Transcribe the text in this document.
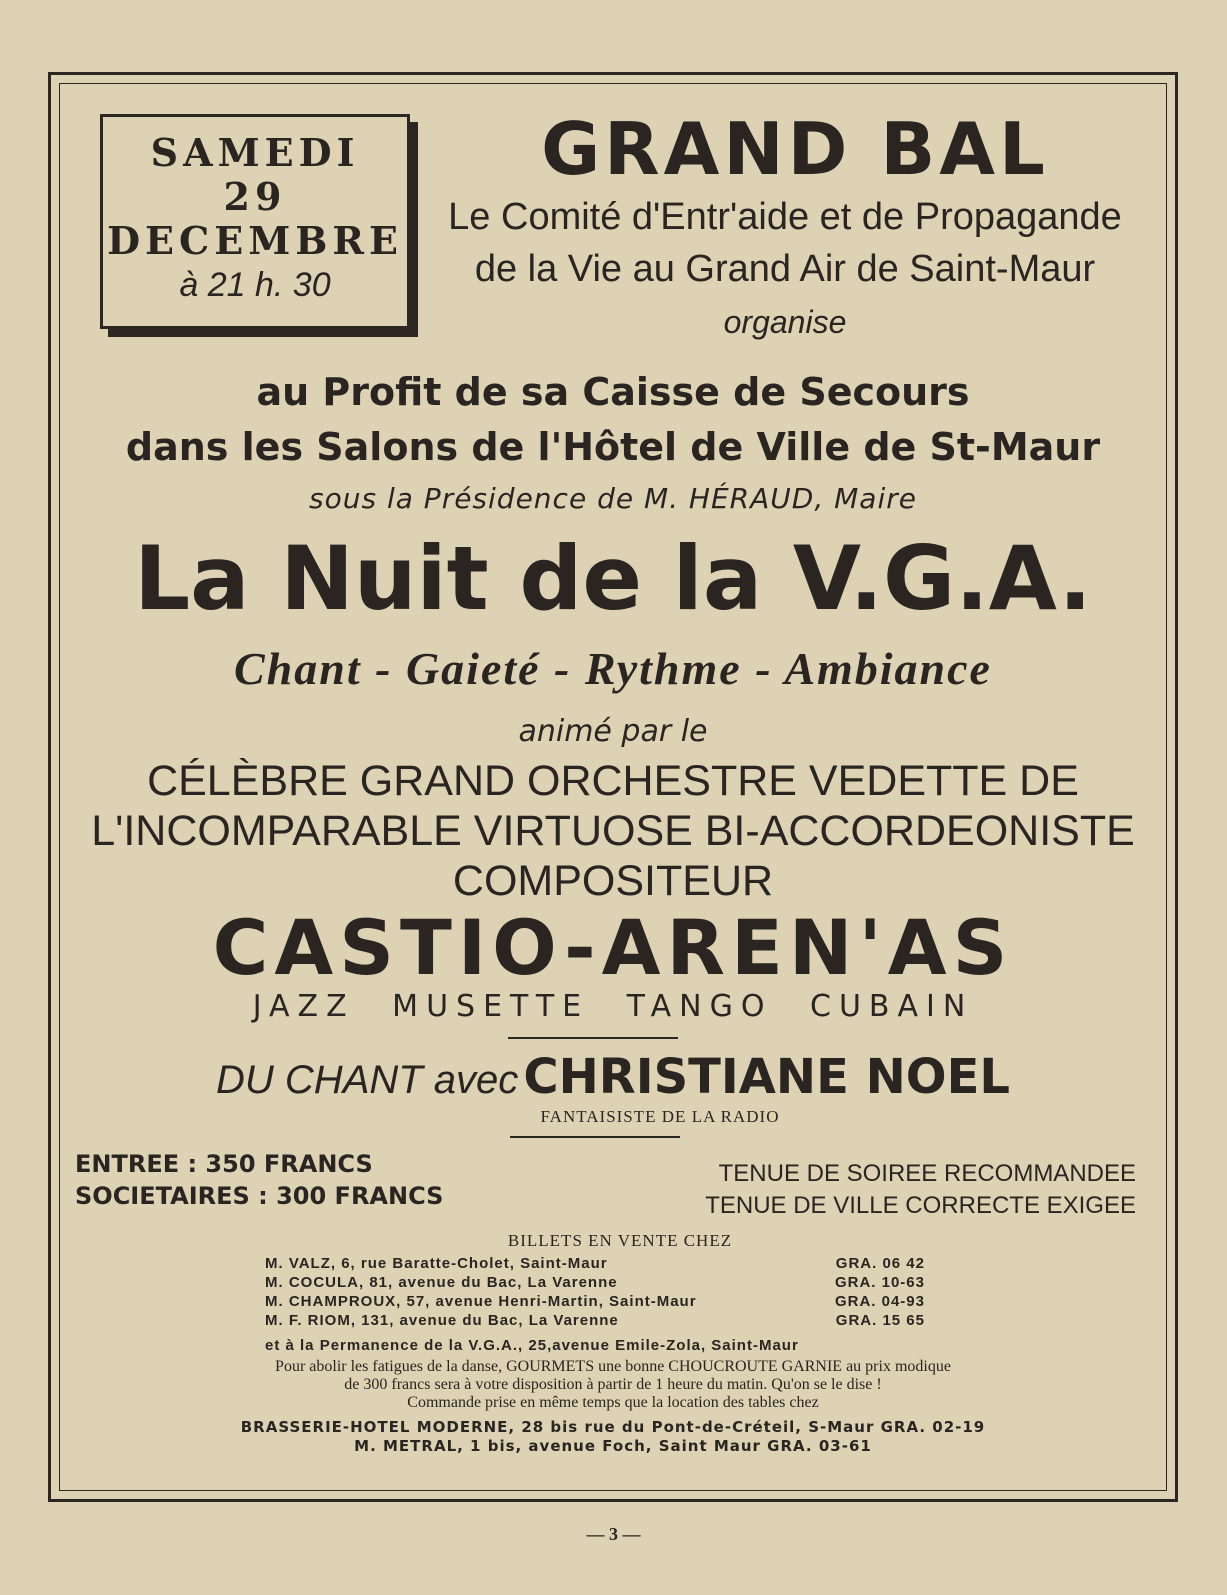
SAMEDI
29
DECEMBRE
à 21 h. 30
GRAND BAL
Le Comité d'Entr'aide et de Propagande
de la Vie au Grand Air de Saint-Maur
organise
au Profit de sa Caisse de Secours
dans les Salons de l'Hôtel de Ville de St-Maur
sous la Présidence de M. HÉRAUD, Maire
La Nuit de la V.G.A.
Chant - Gaieté - Rythme - Ambiance
animé par le
CÉLÈBRE GRAND ORCHESTRE VEDETTE DE
L'INCOMPARABLE VIRTUOSE BI-ACCORDEONISTE
COMPOSITEUR
CASTIO-AREN'AS
JAZZ MUSETTE TANGO CUBAIN
DU CHANT avec CHRISTIANE NOEL
FANTAISISTE DE LA RADIO
ENTREE : 350 FRANCS
SOCIETAIRES : 300 FRANCS
TENUE DE SOIREE RECOMMANDEE
TENUE DE VILLE CORRECTE EXIGEE
BILLETS EN VENTE CHEZ
M. VALZ, 6, rue Baratte-Cholet, Saint-Maur	GRA. 06 42
M. COCULA, 81, avenue du Bac, La Varenne	GRA. 10-63
M. CHAMPROUX, 57, avenue Henri-Martin, Saint-Maur	GRA. 04-93
M. F. RIOM, 131, avenue du Bac, La Varenne	GRA. 15 65
et à la Permanence de la V.G.A., 25,avenue Emile-Zola, Saint-Maur
Pour abolir les fatigues de la danse, GOURMETS une bonne CHOUCROUTE GARNIE au prix modique
de 300 francs sera à votre disposition à partir de 1 heure du matin. Qu'on se le dise !
Commande prise en même temps que la location des tables chez
BRASSERIE-HOTEL MODERNE, 28 bis rue du Pont-de-Créteil, S-Maur GRA. 02-19
M. METRAL, 1 bis, avenue Foch, Saint Maur GRA. 03-61
— 3 —
